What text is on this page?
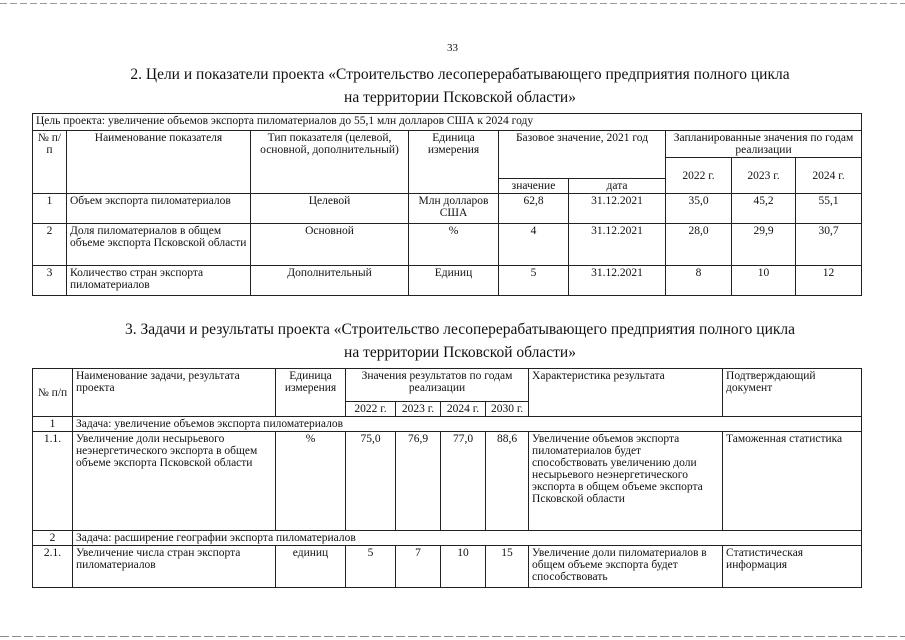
33
2. Цели и показатели проекта «Строительство лесоперерабатывающего предприятия полного цикла
на территории Псковской области»
Цель проекта: увеличение объемов экспорта пиломатериалов до 55,1 млн долларов США к 2024 году								
№ п/п	Наименование показателя	Тип показателя (целевой, основной, дополнительный)	Единица измерения	Базовое значение, 2021 год		Запланированные значения по годам реализации		
						2022 г.	2023 г.	2024 г.
				значение	дата			
1	Объем экспорта пиломатериалов	Целевой	Млн долларов США	62,8	31.12.2021	35,0	45,2	55,1
2	Доля пиломатериалов в общем объеме экспорта Псковской области	Основной	%	4	31.12.2021	28,0	29,9	30,7
3	Количество стран экспорта пиломатериалов	Дополнительный	Единиц	5	31.12.2021	8	10	12
3. Задачи и результаты проекта «Строительство лесоперерабатывающего предприятия полного цикла
на территории Псковской области»
№ п/п	Наименование задачи, результата проекта	Единица измерения	Значения результатов по годам реализации				Характеристика результата	Подтверждающий документ
			2022 г.	2023 г.	2024 г.	2030 г.		
1	Задача: увеличение объемов экспорта пиломатериалов							
1.1.	Увеличение доли несырьевого неэнергетического экспорта в общем объеме экспорта Псковской области	%	75,0	76,9	77,0	88,6	Увеличение объемов экспорта пиломатериалов будет способствовать увеличению доли несырьевого неэнергетического экспорта в общем объеме экспорта Псковской области	Таможенная статистика
2	Задача: расширение географии экспорта пиломатериалов							
2.1.	Увеличение числа стран экспорта пиломатериалов	единиц	5	7	10	15	Увеличение доли пиломатериалов в общем объеме экспорта будет способствовать	Статистическая информация
